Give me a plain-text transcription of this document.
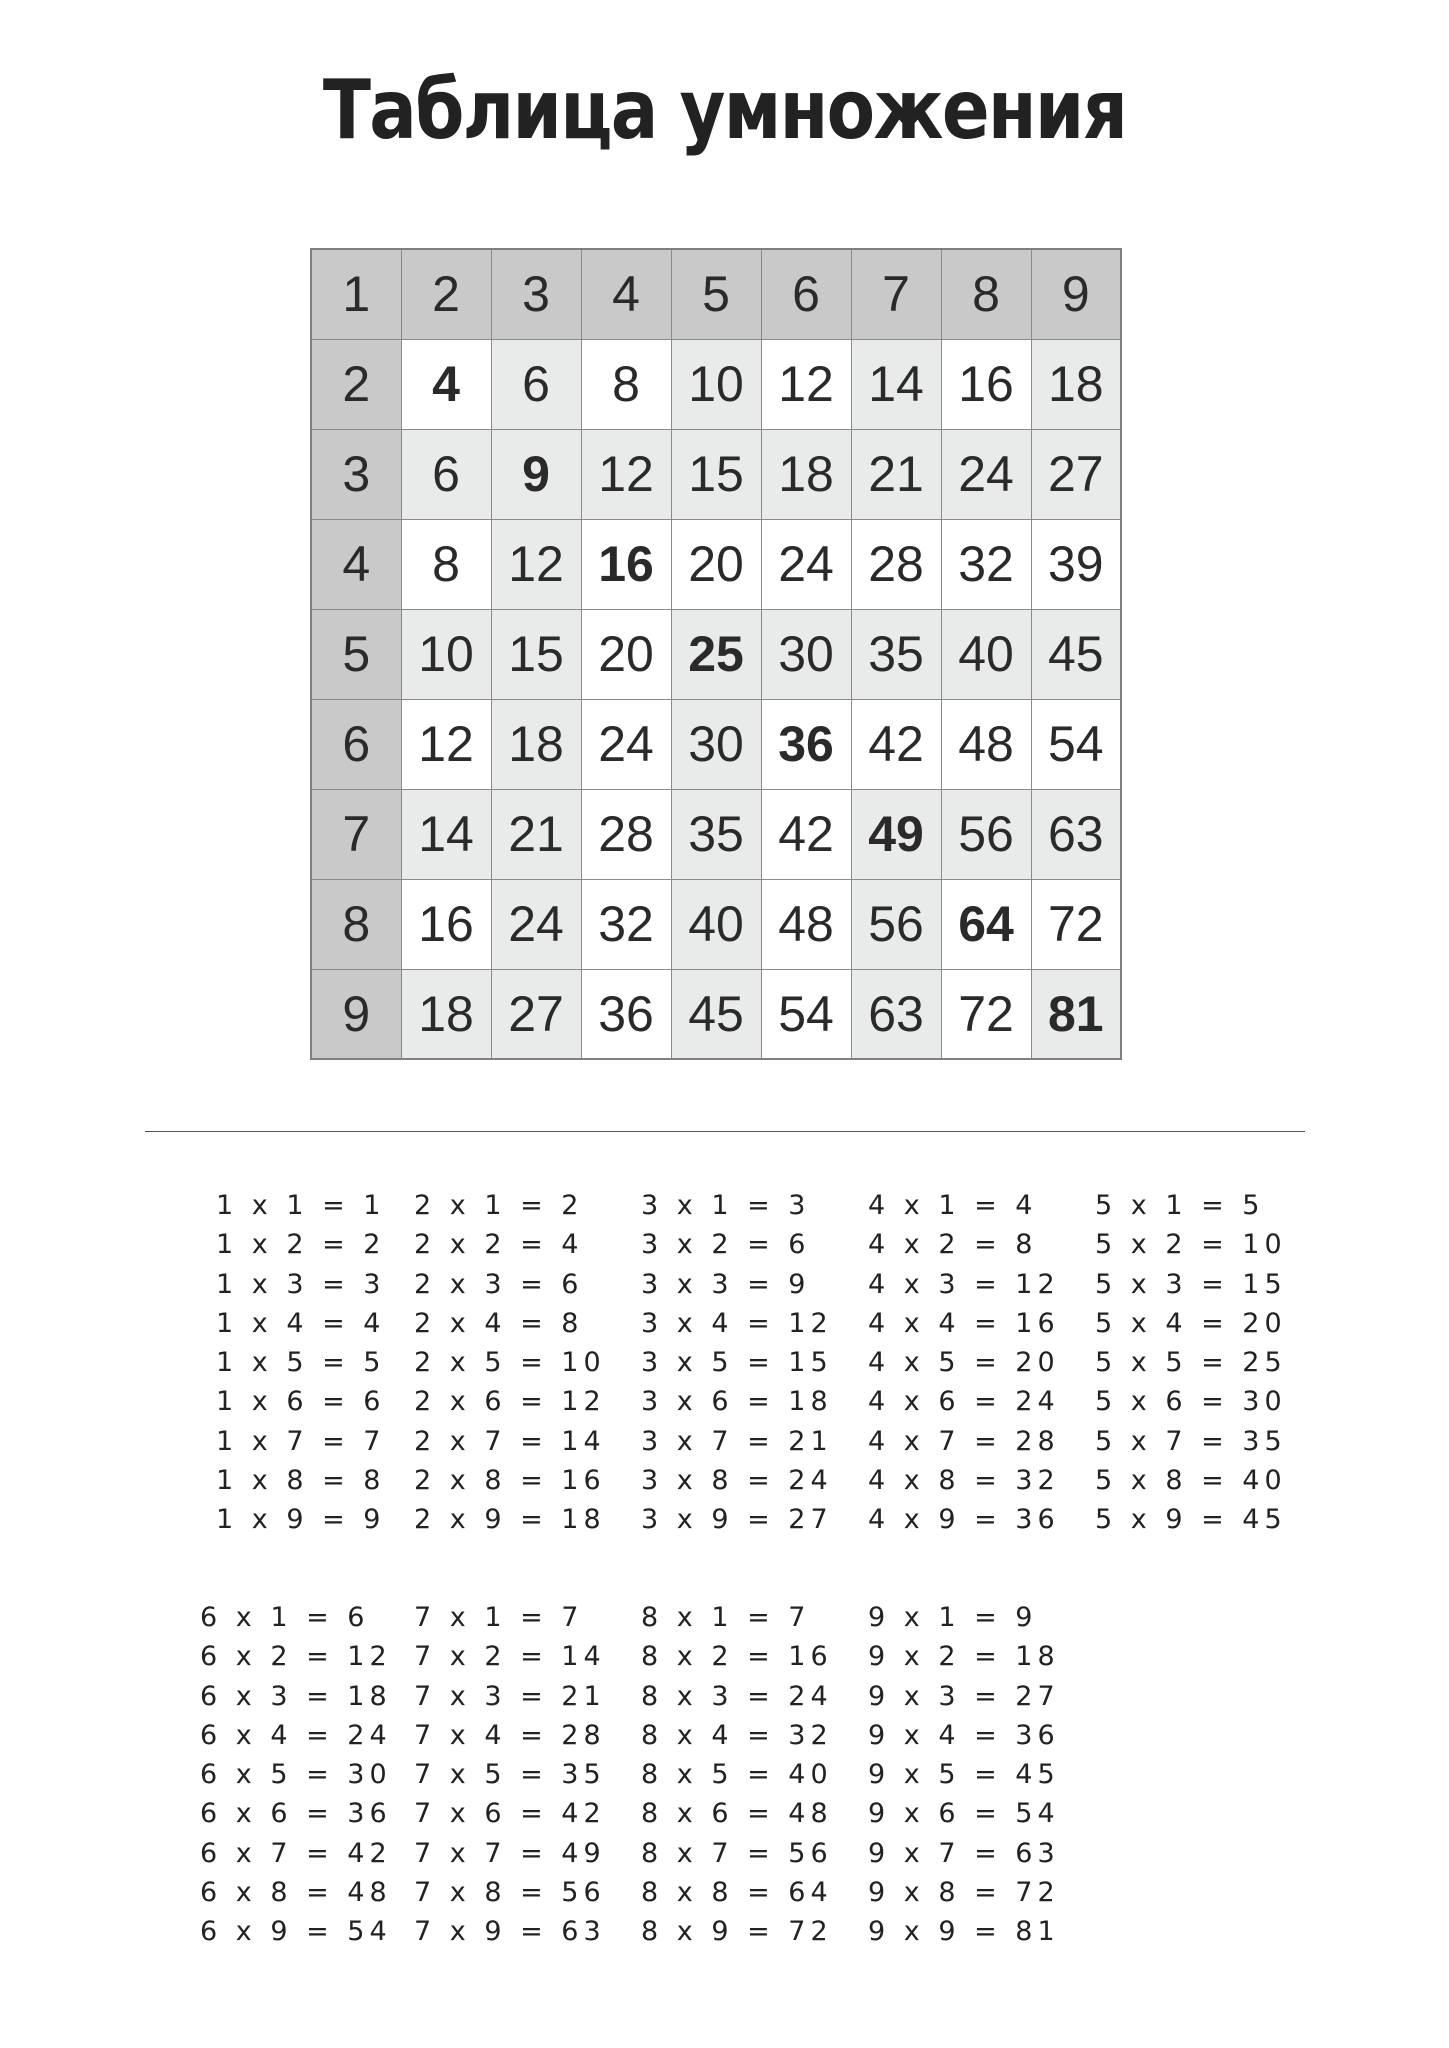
Таблица умножения
1	2	3	4	5	6	7	8	9
2	4	6	8	10	12	14	16	18
3	6	9	12	15	18	21	24	27
4	8	12	16	20	24	28	32	39
5	10	15	20	25	30	35	40	45
6	12	18	24	30	36	42	48	54
7	14	21	28	35	42	49	56	63
8	16	24	32	40	48	56	64	72
9	18	27	36	45	54	63	72	81
1 x 1 = 1
1 x 2 = 2
1 x 3 = 3
1 x 4 = 4
1 x 5 = 5
1 x 6 = 6
1 x 7 = 7
1 x 8 = 8
1 x 9 = 9
2 x 1 = 2
2 x 2 = 4
2 x 3 = 6
2 x 4 = 8
2 x 5 = 10
2 x 6 = 12
2 x 7 = 14
2 x 8 = 16
2 x 9 = 18
3 x 1 = 3
3 x 2 = 6
3 x 3 = 9
3 x 4 = 12
3 x 5 = 15
3 x 6 = 18
3 x 7 = 21
3 x 8 = 24
3 x 9 = 27
4 x 1 = 4
4 x 2 = 8
4 x 3 = 12
4 x 4 = 16
4 x 5 = 20
4 x 6 = 24
4 x 7 = 28
4 x 8 = 32
4 x 9 = 36
5 x 1 = 5
5 x 2 = 10
5 x 3 = 15
5 x 4 = 20
5 x 5 = 25
5 x 6 = 30
5 x 7 = 35
5 x 8 = 40
5 x 9 = 45
6 x 1 = 6
6 x 2 = 12
6 x 3 = 18
6 x 4 = 24
6 x 5 = 30
6 x 6 = 36
6 x 7 = 42
6 x 8 = 48
6 x 9 = 54
7 x 1 = 7
7 x 2 = 14
7 x 3 = 21
7 x 4 = 28
7 x 5 = 35
7 x 6 = 42
7 x 7 = 49
7 x 8 = 56
7 x 9 = 63
8 x 1 = 7
8 x 2 = 16
8 x 3 = 24
8 x 4 = 32
8 x 5 = 40
8 x 6 = 48
8 x 7 = 56
8 x 8 = 64
8 x 9 = 72
9 x 1 = 9
9 x 2 = 18
9 x 3 = 27
9 x 4 = 36
9 x 5 = 45
9 x 6 = 54
9 x 7 = 63
9 x 8 = 72
9 x 9 = 81
